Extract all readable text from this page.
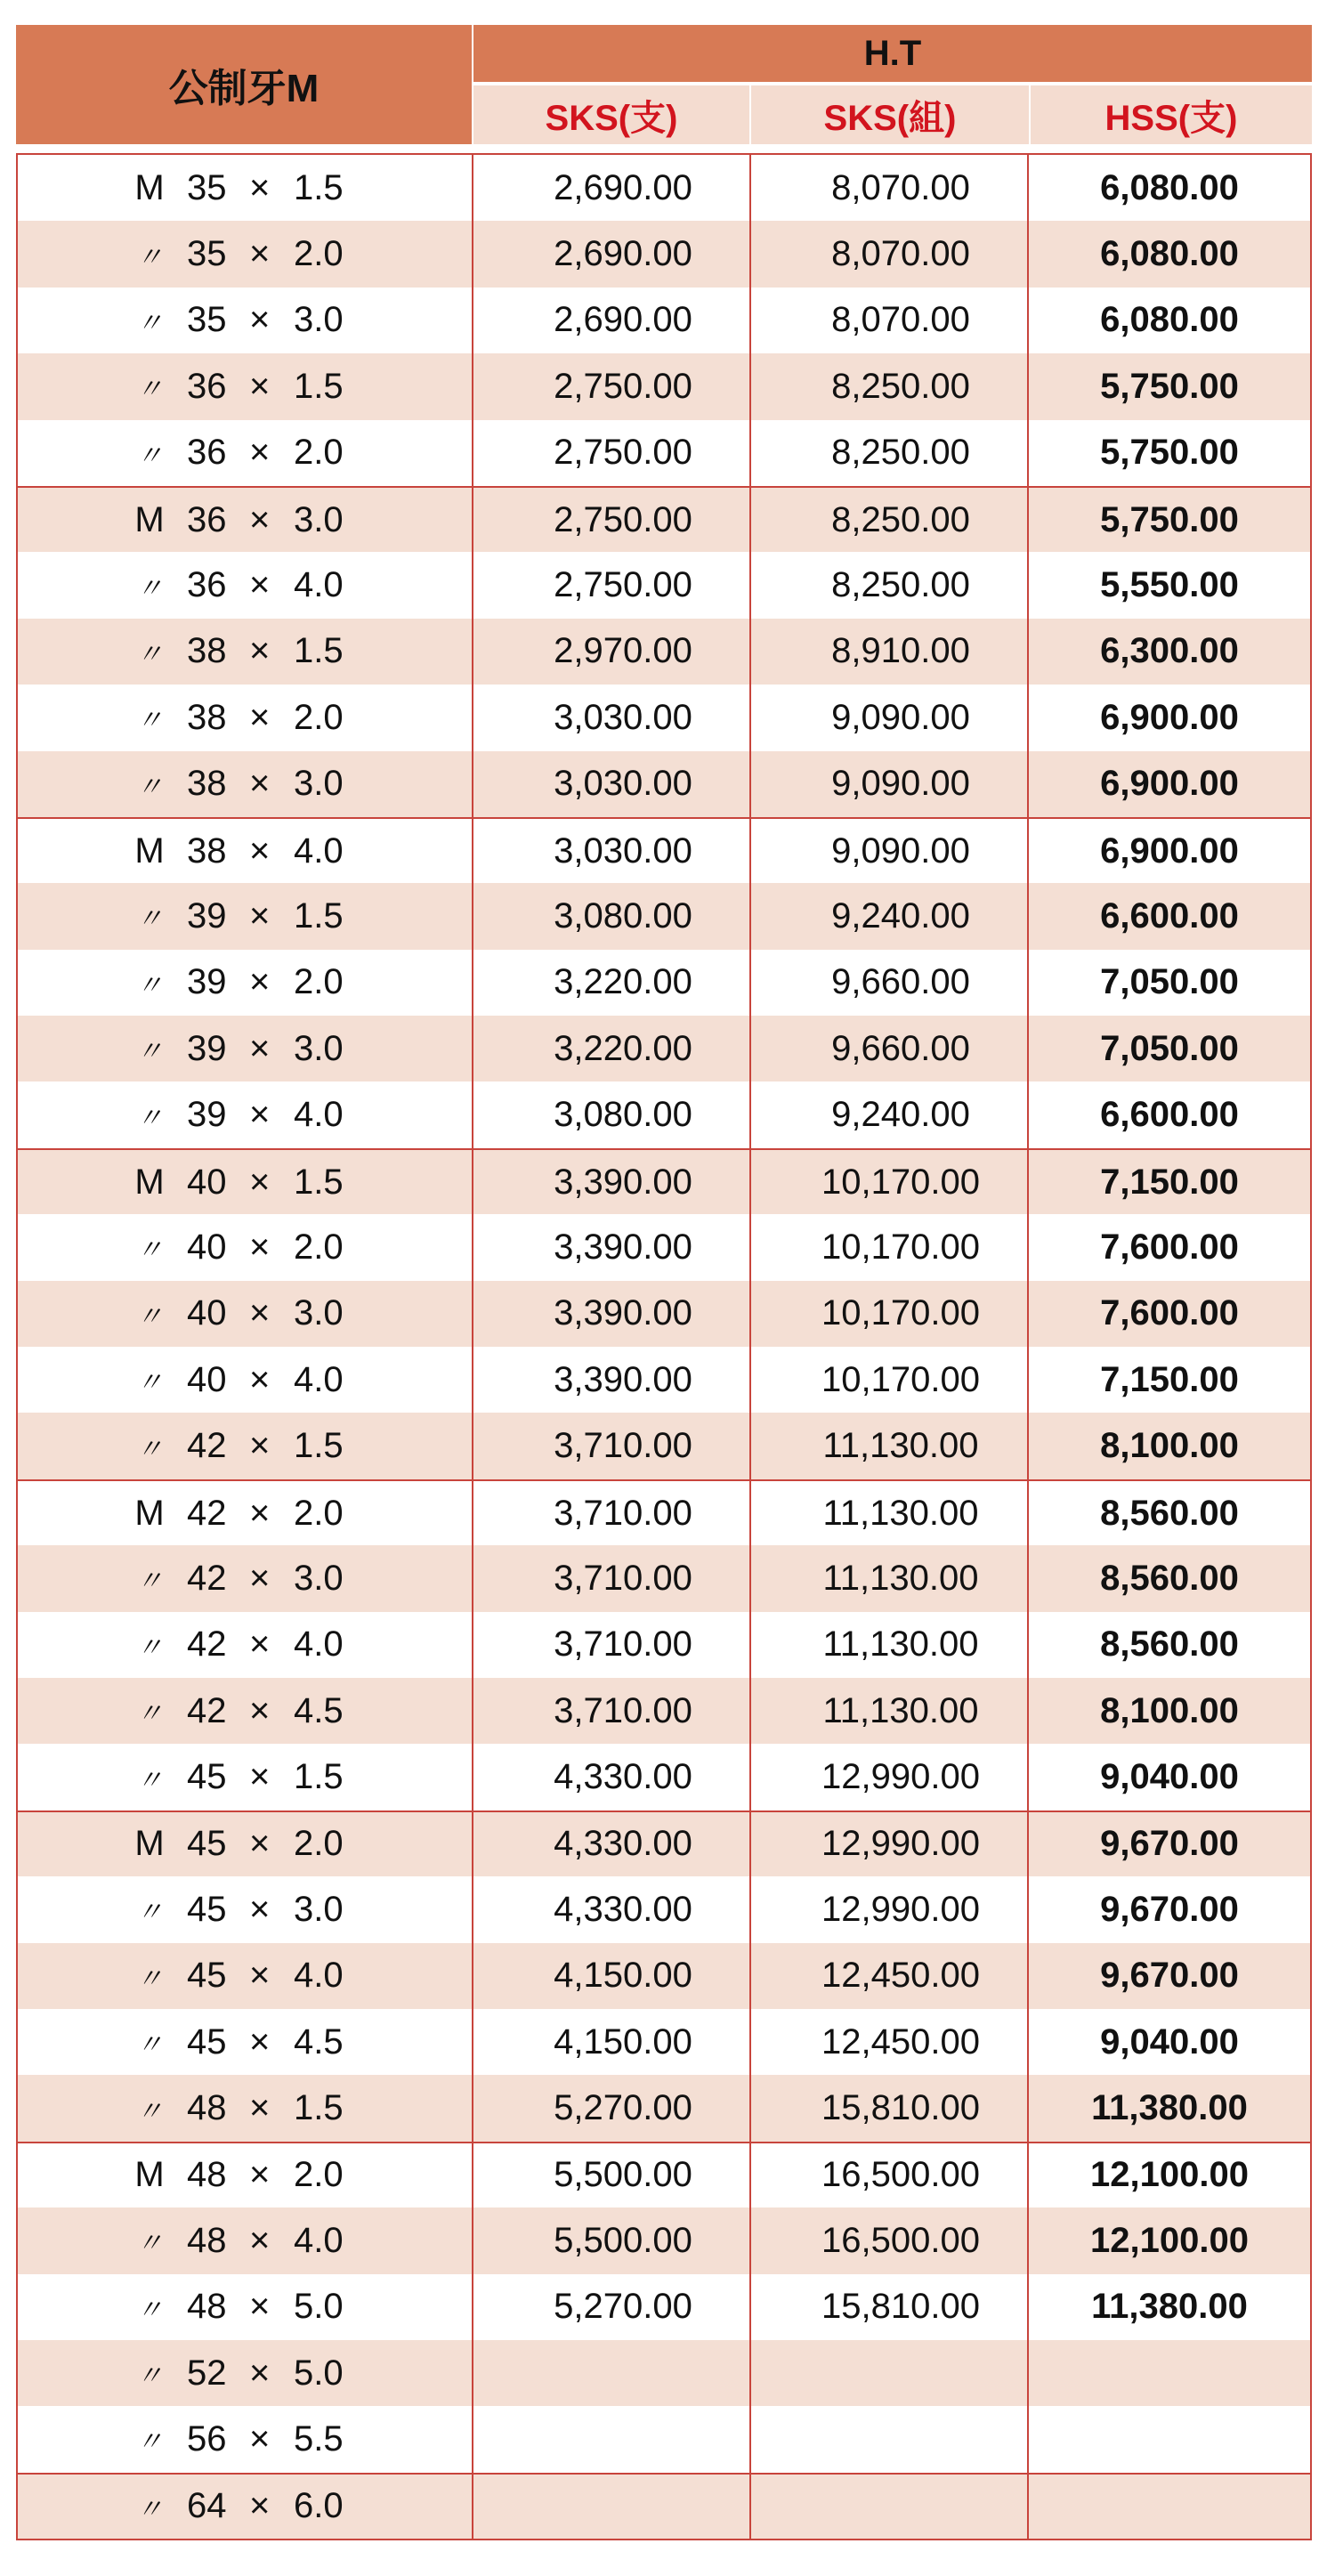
公制牙M
H.T
SKS(支)	SKS(組)	HSS(支)
M 35 × 1.5	2,690.00	8,070.00	6,080.00
〃 35 × 2.0	2,690.00	8,070.00	6,080.00
〃 35 × 3.0	2,690.00	8,070.00	6,080.00
〃 36 × 1.5	2,750.00	8,250.00	5,750.00
〃 36 × 2.0	2,750.00	8,250.00	5,750.00
M 36 × 3.0	2,750.00	8,250.00	5,750.00
〃 36 × 4.0	2,750.00	8,250.00	5,550.00
〃 38 × 1.5	2,970.00	8,910.00	6,300.00
〃 38 × 2.0	3,030.00	9,090.00	6,900.00
〃 38 × 3.0	3,030.00	9,090.00	6,900.00
M 38 × 4.0	3,030.00	9,090.00	6,900.00
〃 39 × 1.5	3,080.00	9,240.00	6,600.00
〃 39 × 2.0	3,220.00	9,660.00	7,050.00
〃 39 × 3.0	3,220.00	9,660.00	7,050.00
〃 39 × 4.0	3,080.00	9,240.00	6,600.00
M 40 × 1.5	3,390.00	10,170.00	7,150.00
〃 40 × 2.0	3,390.00	10,170.00	7,600.00
〃 40 × 3.0	3,390.00	10,170.00	7,600.00
〃 40 × 4.0	3,390.00	10,170.00	7,150.00
〃 42 × 1.5	3,710.00	11,130.00	8,100.00
M 42 × 2.0	3,710.00	11,130.00	8,560.00
〃 42 × 3.0	3,710.00	11,130.00	8,560.00
〃 42 × 4.0	3,710.00	11,130.00	8,560.00
〃 42 × 4.5	3,710.00	11,130.00	8,100.00
〃 45 × 1.5	4,330.00	12,990.00	9,040.00
M 45 × 2.0	4,330.00	12,990.00	9,670.00
〃 45 × 3.0	4,330.00	12,990.00	9,670.00
〃 45 × 4.0	4,150.00	12,450.00	9,670.00
〃 45 × 4.5	4,150.00	12,450.00	9,040.00
〃 48 × 1.5	5,270.00	15,810.00	11,380.00
M 48 × 2.0	5,500.00	16,500.00	12,100.00
〃 48 × 4.0	5,500.00	16,500.00	12,100.00
〃 48 × 5.0	5,270.00	15,810.00	11,380.00
〃 52 × 5.0
〃 56 × 5.5
〃 64 × 6.0
